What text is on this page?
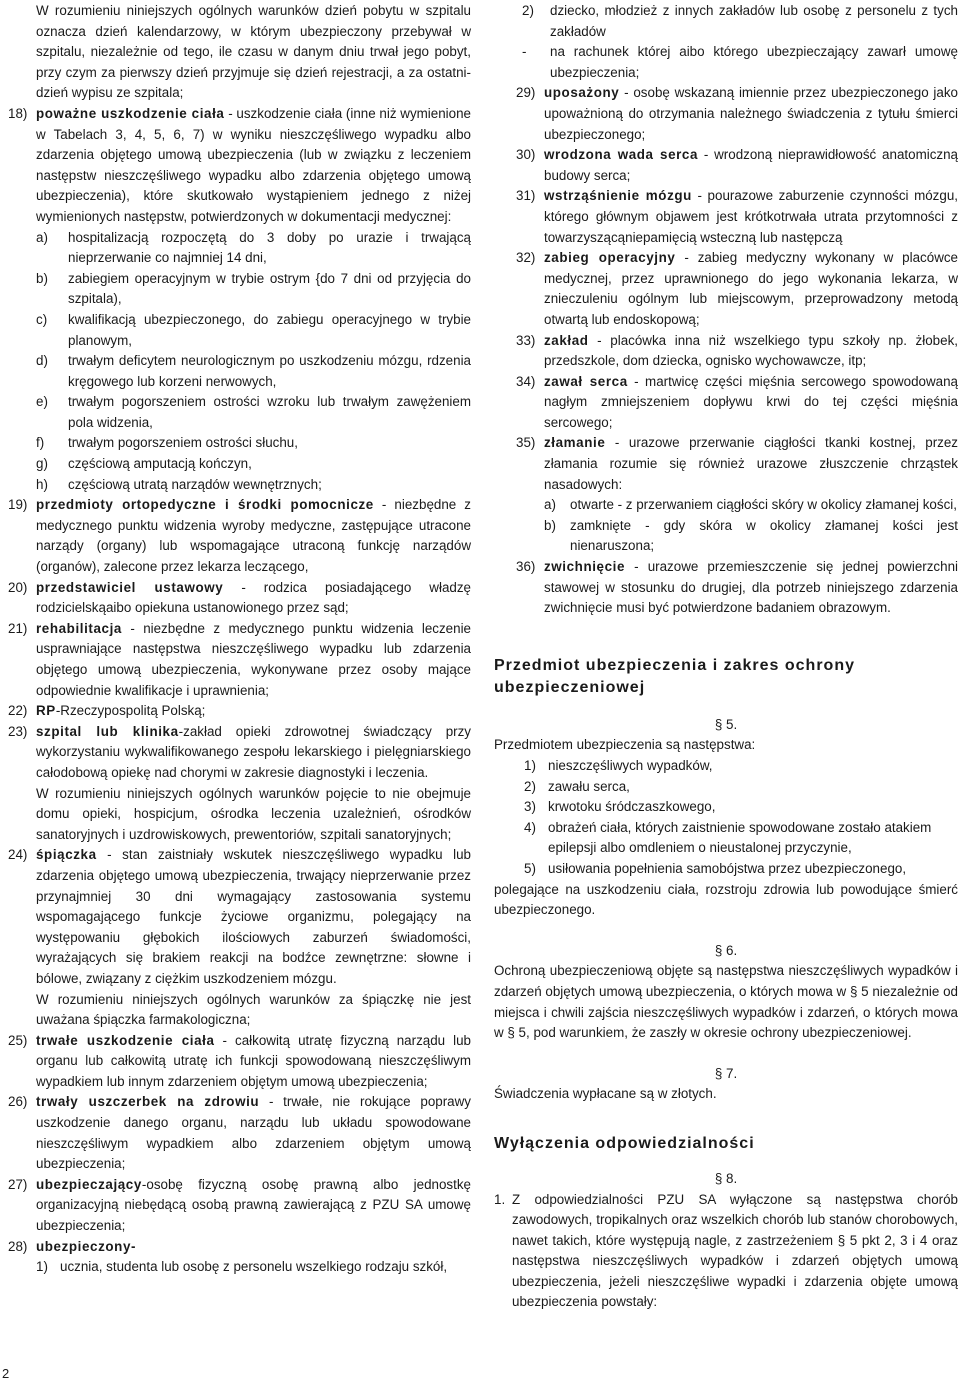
W rozumieniu niniejszych ogólnych warunków dzień pobytu w szpitalu oznacza dzień kalendarzowy, w którym ubezpieczony przebywał w szpitalu, niezależnie od tego, ile czasu w danym dniu trwał jego pobyt, przy czym za pierwszy dzień przyjmuje się dzień rejestracji, a za ostatni-dzień wypisu ze szpitala;

18) poważne uszkodzenie ciała - uszkodzenie ciała (inne niż wymienione w Tabelach 3, 4, 5, 6, 7) w wyniku nieszczęśliwego wypadku albo zdarzenia objętego umową ubezpieczenia (lub w związku z leczeniem następstw nieszczęśliwego wypadku albo zdarzenia objętego umową ubezpieczenia), które skutkowało wystąpieniem jednego z niżej wymienionych następstw, potwierdzonych w dokumentacji medycznej:
a) hospitalizacją rozpoczętą do 3 doby po urazie i trwającą nieprzerwanie co najmniej 14 dni,
b) zabiegiem operacyjnym w trybie ostrym {do 7 dni od przyjęcia do szpitala),
c) kwalifikacją ubezpieczonego, do zabiegu operacyjnego w trybie planowym,
d) trwałym deficytem neurologicznym po uszkodzeniu mózgu, rdzenia kręgowego lub korzeni nerwowych,
e) trwałym pogorszeniem ostrości wzroku lub trwałym zawężeniem pola widzenia,
f) trwałym pogorszeniem ostrości słuchu,
g) częściową amputacją kończyn,
h) częściową utratą narządów wewnętrznych;
19) przedmioty ortopedyczne i środki pomocnicze - niezbędne z medycznego punktu widzenia wyroby medyczne, zastępujące utracone narządy (organy) lub wspomagające utraconą funkcję narządów (organów), zalecone przez lekarza leczącego,
20) przedstawiciel ustawowy - rodzica posiadającego władzę rodzicielskąaibo opiekuna ustanowionego przez sąd;
21) rehabilitacja - niezbędne z medycznego punktu widzenia leczenie usprawniające następstwa nieszczęśliwego wypadku lub zdarzenia objętego umową ubezpieczenia, wykonywane przez osoby mające odpowiednie kwalifikacje i uprawnienia;
22) RP-Rzeczypospolitą Polską;
23) szpital lub klinika-zakład opieki zdrowotnej świadczący przy wykorzystaniu wykwalifikowanego zespołu lekarskiego i pielęgniarskiego całodobową opiekę nad chorymi w zakresie diagnostyki i leczenia.

W rozumieniu niniejszych ogólnych warunków pojęcie to nie obejmuje domu opieki, hospicjum, ośrodka leczenia uzależnień, ośrodków sanatoryjnych i uzdrowiskowych, prewentoriów, szpitali sanatoryjnych;

24) śpiączka - stan zaistniały wskutek nieszczęśliwego wypadku lub zdarzenia objętego umową ubezpieczenia, trwający nieprzerwanie przez przynajmniej 30 dni wymagający zastosowania systemu wspomagającego funkcje życiowe organizmu, polegający na występowaniu głębokich ilościowych zaburzeń świadomości, wyrażających się brakiem reakcji na bodźce zewnętrzne: słowne i bólowe, związany z ciężkim uszkodzeniem mózgu.

W rozumieniu niniejszych ogólnych warunków za śpiączkę nie jest uważana śpiączka farmakologiczna;

25) trwałe uszkodzenie ciała - całkowitą utratę fizyczną narządu lub organu lub całkowitą utratę ich funkcji spowodowaną nieszczęśliwym wypadkiem lub innym zdarzeniem objętym umową ubezpieczenia;
26) trwały uszczerbek na zdrowiu - trwałe, nie rokujące poprawy uszkodzenie danego organu, narządu lub układu spowodowane nieszczęśliwym wypadkiem albo zdarzeniem objętym umową ubezpieczenia;
27) ubezpieczający-osobę fizyczną osobę prawną albo jednostkę organizacyjną niebędącą osobą prawną zawierającą z PZU SA umowę ubezpieczenia;
28) ubezpieczony-
1) ucznia, studenta lub osobę z personelu wszelkiego rodzaju szkół,
2) dziecko, młodzież z innych zakładów lub osobę z personelu z tych zakładów
- na rachunek której aibo którego ubezpieczający zawarł umowę ubezpieczenia;
29) uposażony - osobę wskazaną imiennie przez ubezpieczonego jako upoważnioną do otrzymania należnego świadczenia z tytułu śmierci ubezpieczonego;
30) wrodzona wada serca - wrodzoną nieprawidłowość anatomiczną budowy serca;
31) wstrząśnienie mózgu - pourazowe zaburzenie czynności mózgu, którego głównym objawem jest krótkotrwała utrata przytomności z towarzyszącąniepamięcią wsteczną lub następczą
32) zabieg operacyjny - zabieg medyczny wykonany w placówce medycznej, przez uprawnionego do jego wykonania lekarza, w znieczuleniu ogólnym lub miejscowym, przeprowadzony metodą otwartą lub endoskopową;
33) zakład - placówka inna niż wszelkiego typu szkoły np. żłobek, przedszkole, dom dziecka, ognisko wychowawcze, itp;
34) zawał serca - martwicę części mięśnia sercowego spowodowaną nagłym zmniejszeniem dopływu krwi do tej części mięśnia sercowego;
35) złamanie - urazowe przerwanie ciągłości tkanki kostnej, przez złamania rozumie się również urazowe złuszczenie chrząstek nasadowych:
a) otwarte - z przerwaniem ciągłości skóry w okolicy złamanej kości,
b) zamknięte - gdy skóra w okolicy złamanej kości jest nienaruszona;
36) zwichnięcie - urazowe przemieszczenie się jednej powierzchni stawowej w stosunku do drugiej, dla potrzeb niniejszego zdarzenia zwichnięcie musi być potwierdzone badaniem obrazowym.

Przedmiot ubezpieczenia i zakres ochrony ubezpieczeniowej

§ 5.

Przedmiotem ubezpieczenia są następstwa:

1) nieszczęśliwych wypadków,
2) zawału serca,
3) krwotoku śródczaszkowego,
4) obrażeń ciała, których zaistnienie spowodowane zostało atakiem epilepsji albo omdleniem o nieustalonej przyczynie,
5) usiłowania popełnienia samobójstwa przez ubezpieczonego,

polegające na uszkodzeniu ciała, rozstroju zdrowia lub powodujące śmierć ubezpieczonego.

§ 6.

Ochroną ubezpieczeniową objęte są następstwa nieszczęśliwych wypadków i zdarzeń objętych umową ubezpieczenia, o których mowa w § 5 niezależnie od miejsca i chwili zajścia nieszczęśliwych wypadków i zdarzeń, o których mowa w § 5, pod warunkiem, że zaszły w okresie ochrony ubezpieczeniowej.

§ 7.

Świadczenia wypłacane są w złotych.

Wyłączenia odpowiedzialności

§ 8.

1. Z odpowiedzialności PZU SA wyłączone są następstwa chorób zawodowych, tropikalnych oraz wszelkich chorób lub stanów chorobowych, nawet takich, które występują nagle, z zastrzeżeniem § 5 pkt 2, 3 i 4 oraz następstwa nieszczęśliwych wypadków i zdarzeń objętych umową ubezpieczenia, jeżeli nieszczęśliwe wypadki i zdarzenia objęte umową ubezpieczenia powstały:
2
